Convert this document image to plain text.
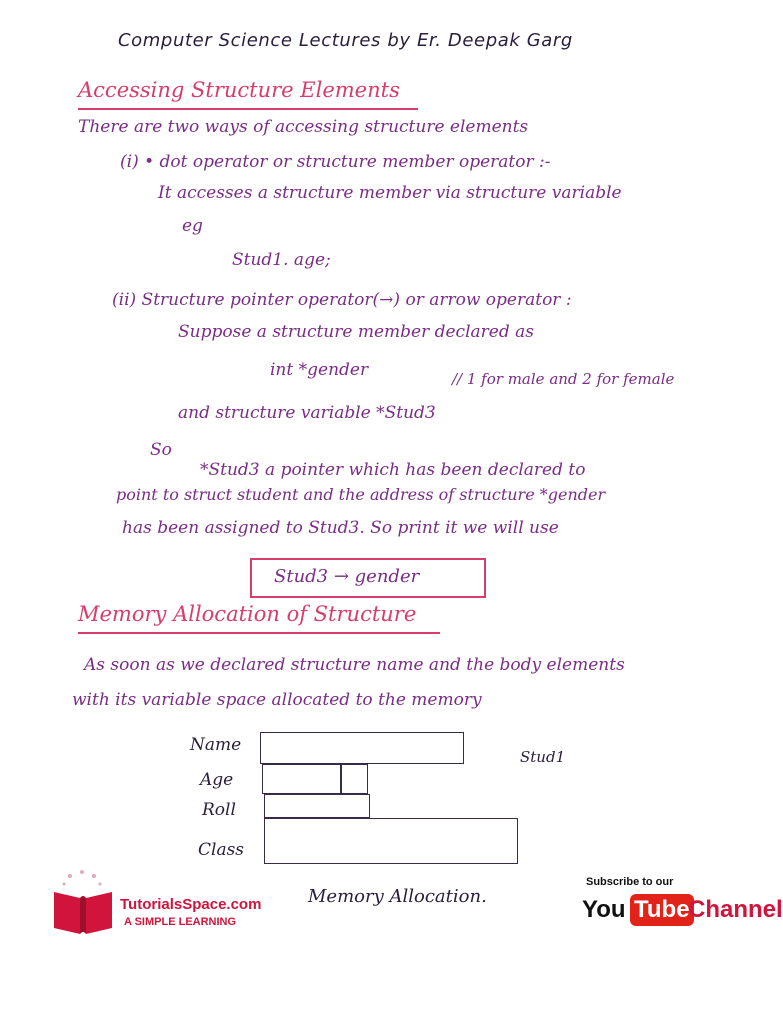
Computer Science Lectures by Er. Deepak Garg
Accessing Structure Elements
There are two ways of accessing structure elements
(i) • dot operator or structure member operator :-
It accesses a structure member via structure variable
eg
Stud1. age;
(ii) Structure pointer operator(→) or arrow operator :
Suppose a structure member declared as
int *gender	// 1 for male and 2 for female
and structure variable *Stud3
So
*Stud3 a pointer which has been declared to
point to struct student and the address of structure *gender
has been assigned to Stud3. So print it we will use
Stud3 → gender
Memory Allocation of Structure
As soon as we declared structure name and the body elements
with its variable space allocated to the memory
Name
Age
Roll
Class
Stud1
Memory Allocation.
TutorialsSpace.com
A SIMPLE LEARNING
Subscribe to our
You Tube
Channel
